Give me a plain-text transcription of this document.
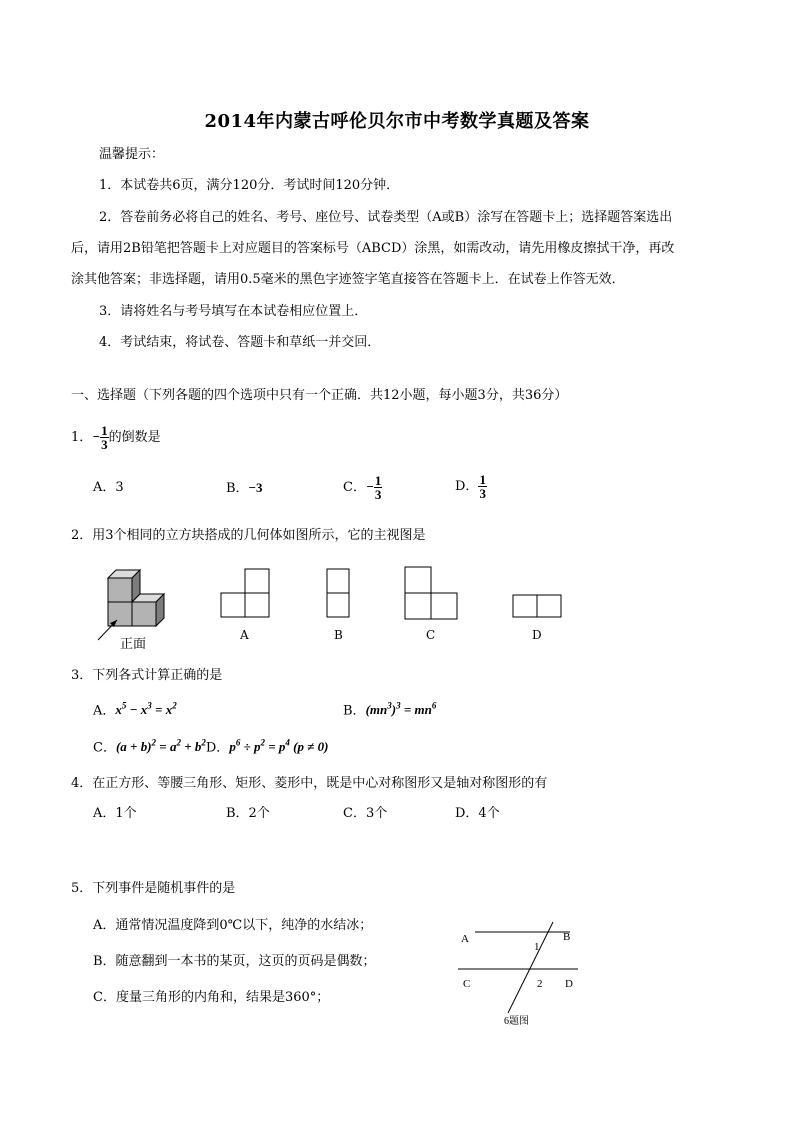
2014年内蒙古呼伦贝尔市中考数学真题及答案
温馨提示：
1．本试卷共6页，满分120分．考试时间120分钟．
2．答卷前务必将自己的姓名、考号、座位号、试卷类型（A或B）涂写在答题卡上；选择题答案选出
后，请用2B铅笔把答题卡上对应题目的答案标号（ABCD）涂黑，如需改动，请先用橡皮擦拭干净，再改
涂其他答案；非选择题，请用0.5毫米的黑色字迹签字笔直接答在答题卡上．在试卷上作答无效．
3．请将姓名与考号填写在本试卷相应位置上．
4．考试结束，将试卷、答题卡和草纸一并交回．
一、选择题（下列各题的四个选项中只有一个正确．共12小题，每小题3分，共36分）
1．− $\frac{1}{3}$ 的倒数是
A．3	B．−3	C．− $\frac{1}{3}$	D． $\frac{1}{3}$
2．用3个相同的立方块搭成的几何体如图所示，它的主视图是
正面
A	B	C	D
3．下列各式计算正确的是
A．$x^5 - x^3 = x^2$	B．$(mn^3)^3 = mn^6$
C．$(a + b)^2 = a^2 + b^2D$．$p^6 \div p^2 = p^4$ (p ≠ 0)
4．在正方形、等腰三角形、矩形、菱形中，既是中心对称图形又是轴对称图形的有
A．1个	B．2个	C．3个	D．4个
5．下列事件是随机事件的是
A．通常情况温度降到0℃以下，纯净的水结冰；
B．随意翻到一本书的某页，这页的页码是偶数；
C．度量三角形的内角和，结果是360°；
A	B
C	D
1
2
6题图
